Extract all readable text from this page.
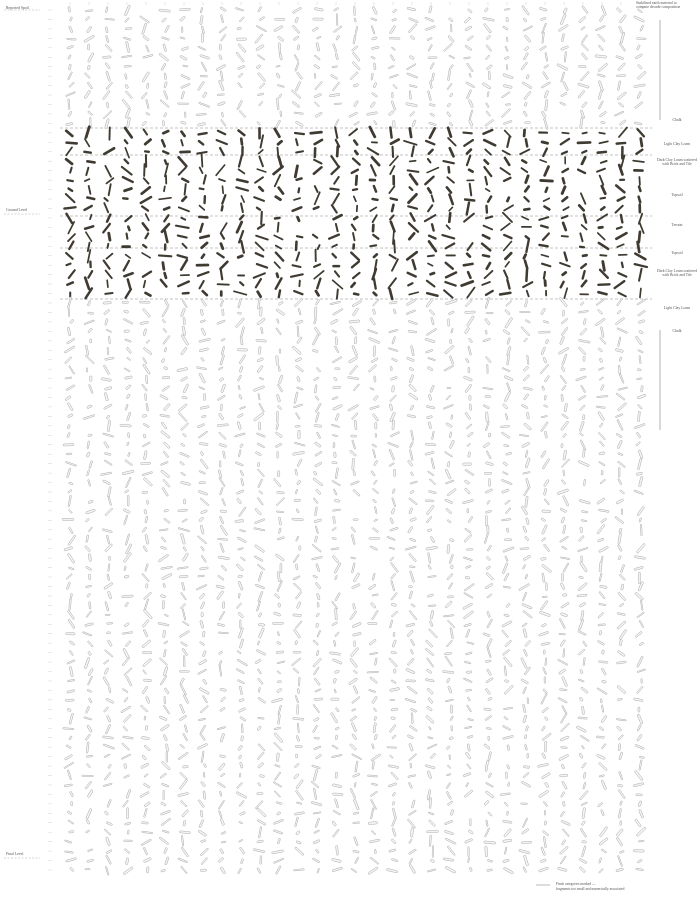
Reported Spoil
Ground Level
Final Level
Stabilised earth material to compute decade composition
Chalk
Light Clay Loam
Dark Clay Loam scattered with Brick and Tile
Topsoil
Terrain
Topsoil
Dark Clay Loam scattered with Brick and Tile
Light Clay Loam
Chalk
Finds categories marked —
fragments too small and numerically associated
